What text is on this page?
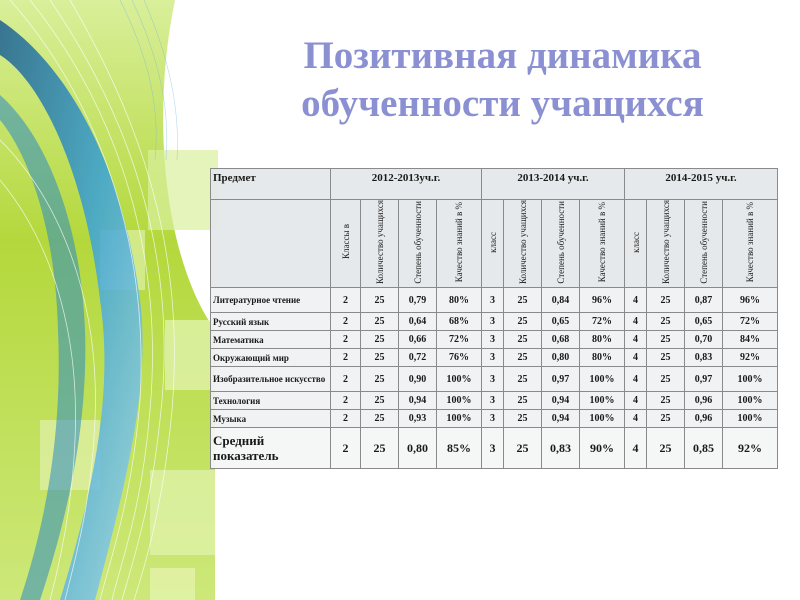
Позитивная динамика
обученности учащихся
Предмет	2012-2013уч.г.				2013-2014 уч.г.				2014-2015 уч.г.			
	Классы в	Количество учащихся	Степень обученности	Качество знаний в %	класс	Количество учащихся	Степень обученности	Качество знаний в %	класс	Количество учащихся	Степень обученности	Качество знаний в %
Литературное чтение	2	25	0,79	80%	3	25	0,84	96%	4	25	0,87	96%
Русский язык	2	25	0,64	68%	3	25	0,65	72%	4	25	0,65	72%
Математика	2	25	0,66	72%	3	25	0,68	80%	4	25	0,70	84%
Окружающий мир	2	25	0,72	76%	3	25	0,80	80%	4	25	0,83	92%
Изобразительное искусство	2	25	0,90	100%	3	25	0,97	100%	4	25	0,97	100%
Технология	2	25	0,94	100%	3	25	0,94	100%	4	25	0,96	100%
Музыка	2	25	0,93	100%	3	25	0,94	100%	4	25	0,96	100%
Средний показатель	2	25	0,80	85%	3	25	0,83	90%	4	25	0,85	92%
